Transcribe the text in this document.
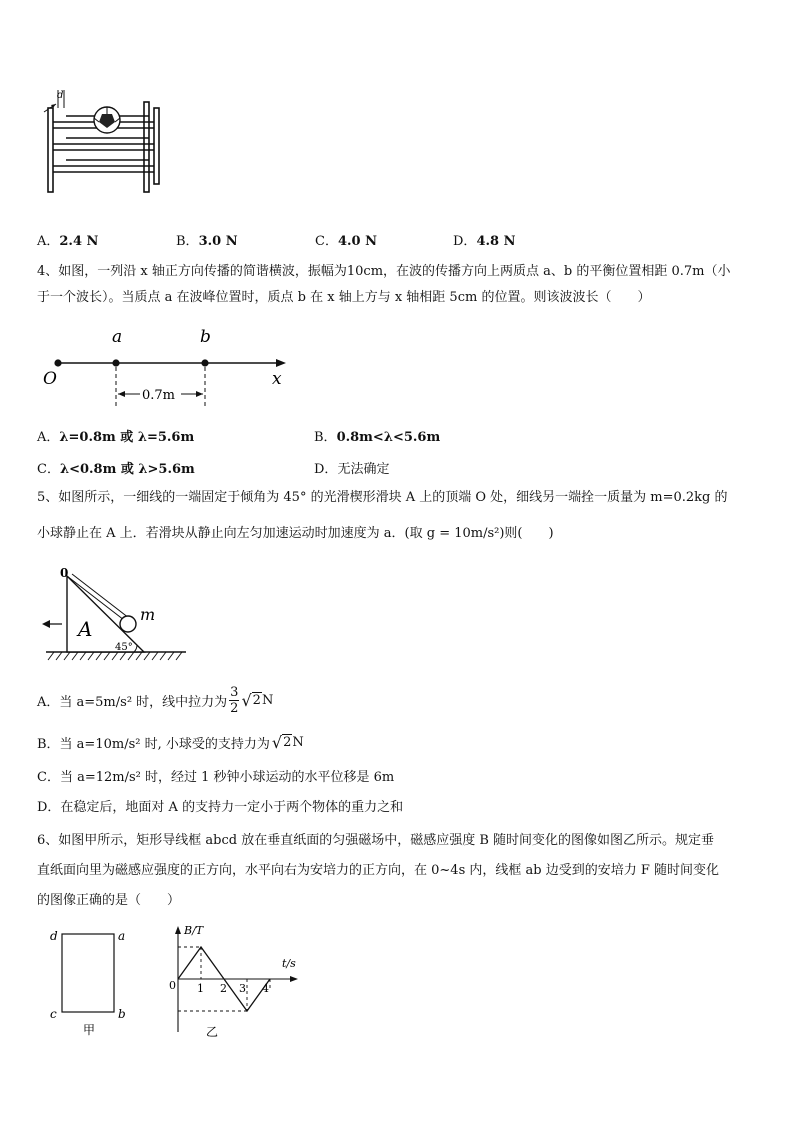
d
A．2.4 N	B．3.0 N	C．4.0 N	D．4.8 N
4、如图，一列沿 x 轴正方向传播的简谐横波，振幅为10cm，在波的传播方向上两质点 a、b 的平衡位置相距 0.7m（小
于一个波长）。当质点 a 在波峰位置时，质点 b 在 x 轴上方与 x 轴相距 5cm 的位置。则该波波长（　　）
a	b
O	x
0.7m
A．λ=0.8m 或 λ=5.6m	B．0.8m<λ<5.6m
C．λ<0.8m 或 λ>5.6m	D．无法确定
5、如图所示，一细线的一端固定于倾角为 45° 的光滑楔形滑块 A 上的顶端 O 处，细线另一端拴一质量为 m=0.2kg 的
小球静止在 A 上．若滑块从静止向左匀加速运动时加速度为 a．(取 g = 10m/s²)则(　　)
0
A
m
45°
A．当 a=5m/s² 时，线中拉力为
3
2 √ 2 N
B．当 a=10m/s² 时, 小球受的支持力为 √ 2 N
C．当 a=12m/s² 时，经过 1 秒钟小球运动的水平位移是 6m
D．在稳定后，地面对 A 的支持力一定小于两个物体的重力之和
6、如图甲所示，矩形导线框 abcd 放在垂直纸面的匀强磁场中，磁感应强度 B 随时间变化的图像如图乙所示。规定垂
直纸面向里为磁感应强度的正方向，水平向右为安培力的正方向，在 0~4s 内，线框 ab 边受到的安培力 F 随时间变化
的图像正确的是（　　）
d	a
c	b
甲
B/T
t/s
0 1 2 3 4
乙
